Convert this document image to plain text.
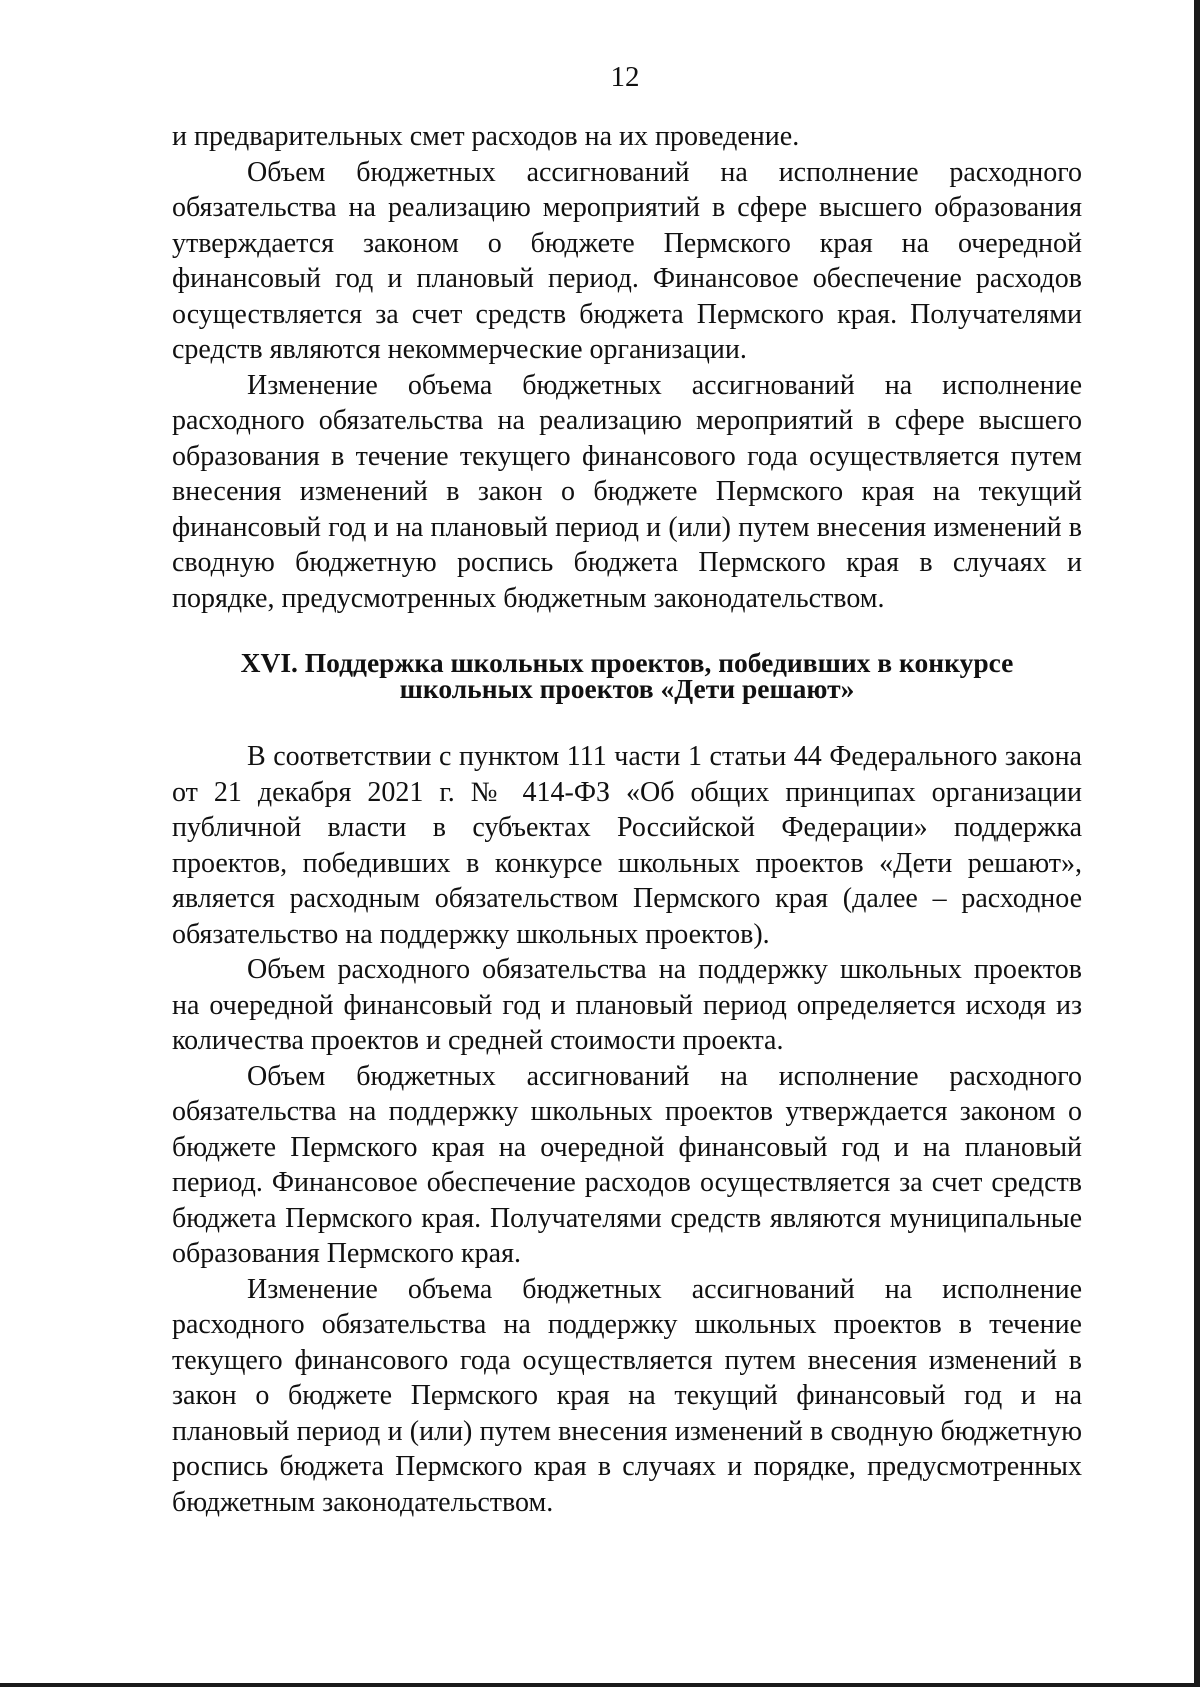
12

и предварительных смет расходов на их проведение.

Объем бюджетных ассигнований на исполнение расходного обязательства на реализацию мероприятий в сфере высшего образования утверждается законом о бюджете Пермского края на очередной финансовый год и плановый период. Финансовое обеспечение расходов осуществляется за счет средств бюджета Пермского края. Получателями средств являются некоммерческие организации.

Изменение объема бюджетных ассигнований на исполнение расходного обязательства на реализацию мероприятий в сфере высшего образования в течение текущего финансового года осуществляется путем внесения изменений в закон о бюджете Пермского края на текущий финансовый год и на плановый период и (или) путем внесения изменений в сводную бюджетную роспись бюджета Пермского края в случаях и порядке, предусмотренных бюджетным законодательством.

XVI. Поддержка школьных проектов, победивших в конкурсе
школьных проектов «Дети решают»

В соответствии с пунктом 111 части 1 статьи 44 Федерального закона от 21 декабря 2021 г. № 414-ФЗ «Об общих принципах организации публичной власти в субъектах Российской Федерации» поддержка проектов, победивших в конкурсе школьных проектов «Дети решают», является расходным обязательством Пермского края (далее – расходное обязательство на поддержку школьных проектов).

Объем расходного обязательства на поддержку школьных проектов на очередной финансовый год и плановый период определяется исходя из количества проектов и средней стоимости проекта.

Объем бюджетных ассигнований на исполнение расходного обязательства на поддержку школьных проектов утверждается законом о бюджете Пермского края на очередной финансовый год и на плановый период. Финансовое обеспечение расходов осуществляется за счет средств бюджета Пермского края. Получателями средств являются муниципальные образования Пермского края.

Изменение объема бюджетных ассигнований на исполнение расходного обязательства на поддержку школьных проектов в течение текущего финансового года осуществляется путем внесения изменений в закон о бюджете Пермского края на текущий финансовый год и на плановый период и (или) путем внесения изменений в сводную бюджетную роспись бюджета Пермского края в случаях и порядке, предусмотренных бюджетным законодательством.
